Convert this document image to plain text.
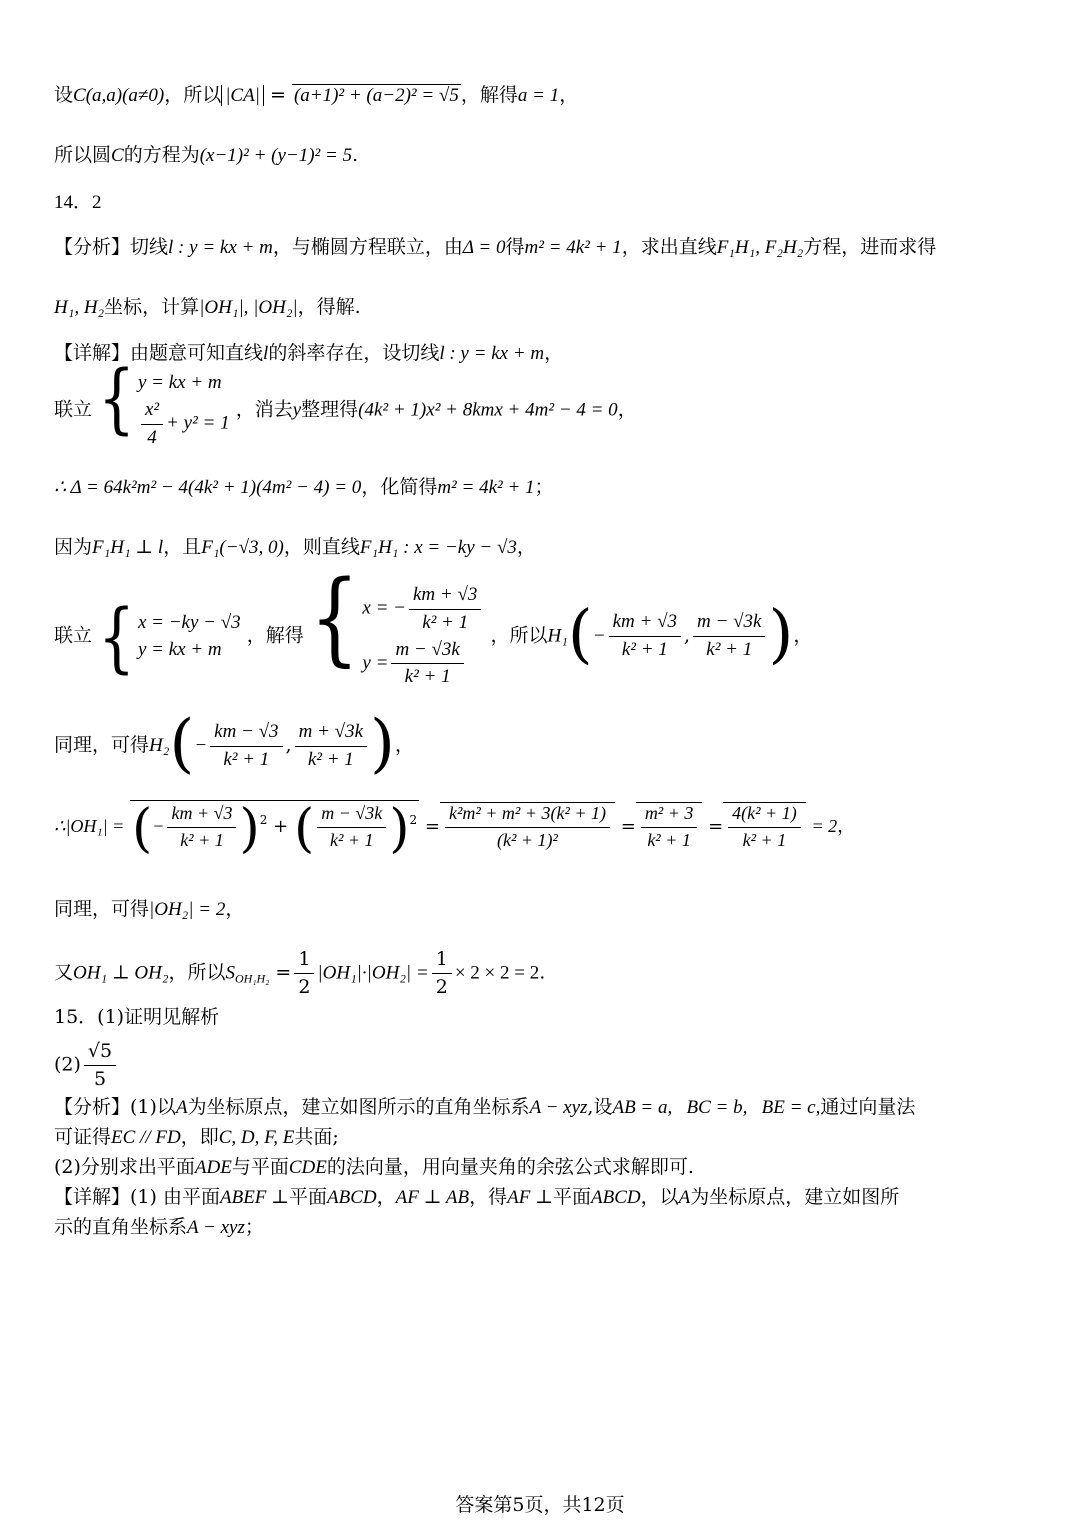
设C(a,a)(a≠0)，所以 |CA| = (a+1)² + (a−2)² = √5 ，解得a = 1，
所以圆C的方程为(x−1)² + (y−1)² = 5.
14．2
【分析】切线l : y = kx + m，与椭圆方程联立，由Δ = 0得m² = 4k² + 1，求出直线F₁H₁, F₂H₂方程，进而求得
H₁, H₂坐标，计算|OH₁|, |OH₂|，得解.
【详解】由题意可知直线l的斜率存在，设切线l : y = kx + m，
联立 { y = kx + m
$\frac{\text{x²}}{4} + y^2 = 1$
，消去y整理得(4k² + 1)x² + 8kmx + 4m² − 4 = 0，
∴ Δ = 64k²m² − 4(4k² + 1)(4m² − 4) = 0，化简得m² = 4k² + 1；
因为F₁H₁ ⊥ l，且F₁(−√3, 0)，则直线F₁H₁ : x = −ky − √3，
联立 { x = −ky − √3
y = kx + m
，解得 { x = − $\frac{km + √3}{\text{k² + 1}}$
$y = \frac{m - √3k}{\text{k² + 1}}$
，所以$H_1(- \frac{km + √3}{\text{k² + 1}}$ , $\frac{m - √3k}{\text{k² + 1}}$ )，
同理，可得$H_2(- \frac{km - √3}{\text{k² + 1}}$ , $\frac{m + √3k}{\text{k² + 1}}$ )，
∴|OH₁| = (− $\frac{km + √3}{\text{k² + 1}} )^2$ + ( $\frac{m - √3k}{\text{k² + 1}} )^2 = \frac{\text{k²m² + m² + 3(k² + 1)}}{\text{(k² + 1)²}} = \frac{\text{m² + 3}}{\text{k² + 1}} = \frac{\text{4(k² + 1)}}{\text{k² + 1}} = 2$，
同理，可得|OH₂| = 2，
又OH₁ ⊥ OH₂，所以$S_{OH_1H_2} = \frac{1}{2} |OH_1|\cdot|OH_2| = \frac{1}{2} \times 2 \times 2 = 2$.
15．(1)证明见解析
$(2) \frac{√5}{5}$
【分析】(1)以A为坐标原点，建立如图所示的直角坐标系A − xyz,设AB = a,   BC = b,   BE = c,通过向量法
可证得EC // FD，即C, D, F, E共面;
(2)分别求出平面ADE与平面CDE的法向量，用向量夹角的余弦公式求解即可.
【详解】(1) 由平面ABEF ⊥平面ABCD，AF ⊥ AB，得AF ⊥平面ABCD，以A为坐标原点，建立如图所
示的直角坐标系A − xyz；
答案第5页，共12页
